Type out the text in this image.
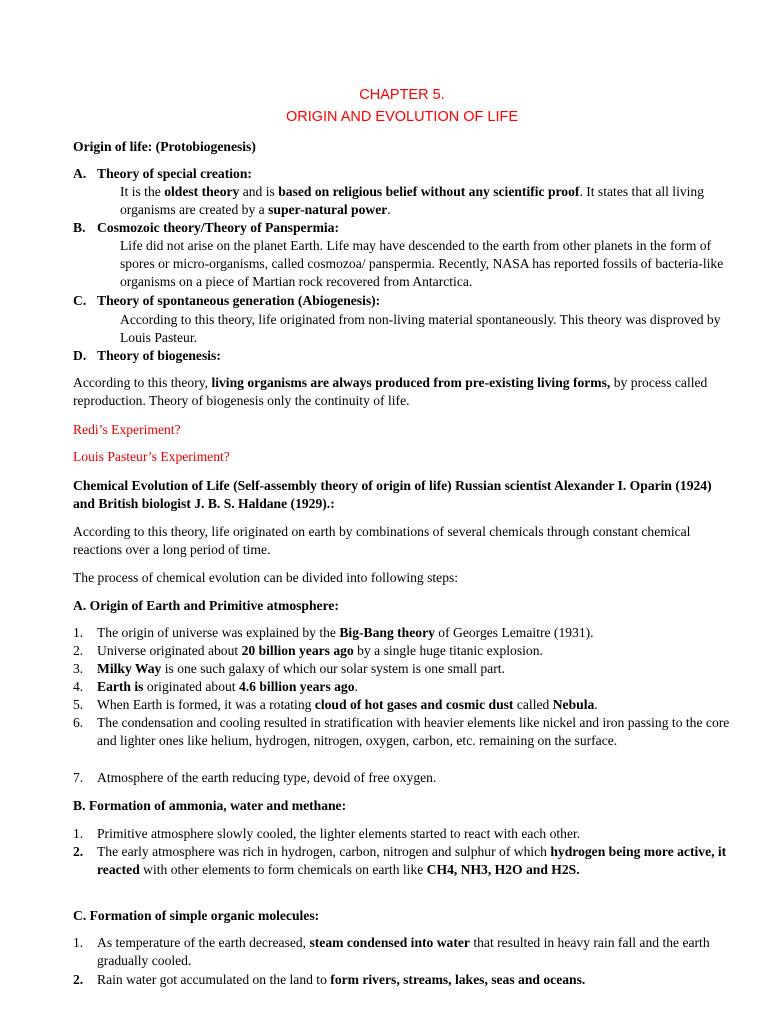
CHAPTER 5.
ORIGIN AND EVOLUTION OF LIFE
Origin of life: (Protobiogenesis)
A. Theory of special creation:
It is the oldest theory and is based on religious belief without any scientific proof. It states that all living organisms are created by a super-natural power.
B. Cosmozoic theory/Theory of Panspermia:
Life did not arise on the planet Earth. Life may have descended to the earth from other planets in the form of spores or micro-organisms, called cosmozoa/ panspermia. Recently, NASA has reported fossils of bacteria-like organisms on a piece of Martian rock recovered from Antarctica.
C. Theory of spontaneous generation (Abiogenesis):
According to this theory, life originated from non-living material spontaneously. This theory was disproved by Louis Pasteur.
D. Theory of biogenesis:
According to this theory, living organisms are always produced from pre-existing living forms, by process called reproduction. Theory of biogenesis only the continuity of life.
Redi’s Experiment?
Louis Pasteur’s Experiment?
Chemical Evolution of Life (Self-assembly theory of origin of life) Russian scientist Alexander I. Oparin (1924) and British biologist J. B. S. Haldane (1929).:
According to this theory, life originated on earth by combinations of several chemicals through constant chemical reactions over a long period of time.
The process of chemical evolution can be divided into following steps:
A. Origin of Earth and Primitive atmosphere:
1.	The origin of universe was explained by the Big-Bang theory of Georges Lemaitre (1931).
2.	Universe originated about 20 billion years ago by a single huge titanic explosion.
3.	Milky Way is one such galaxy of which our solar system is one small part.
4.	Earth is originated about 4.6 billion years ago.
5.	When Earth is formed, it was a rotating cloud of hot gases and cosmic dust called Nebula.
6.	The condensation and cooling resulted in stratification with heavier elements like nickel and iron passing to the core and lighter ones like helium, hydrogen, nitrogen, oxygen, carbon, etc. remaining on the surface.
7.	Atmosphere of the earth reducing type, devoid of free oxygen.
B. Formation of ammonia, water and methane:
1.	Primitive atmosphere slowly cooled, the lighter elements started to react with each other.
2.	The early atmosphere was rich in hydrogen, carbon, nitrogen and sulphur of which hydrogen being more active, it reacted with other elements to form chemicals on earth like CH4, NH3, H2O and H2S.
C. Formation of simple organic molecules:
1.	As temperature of the earth decreased, steam condensed into water that resulted in heavy rain fall and the earth gradually cooled.
2.	Rain water got accumulated on the land to form rivers, streams, lakes, seas and oceans.
